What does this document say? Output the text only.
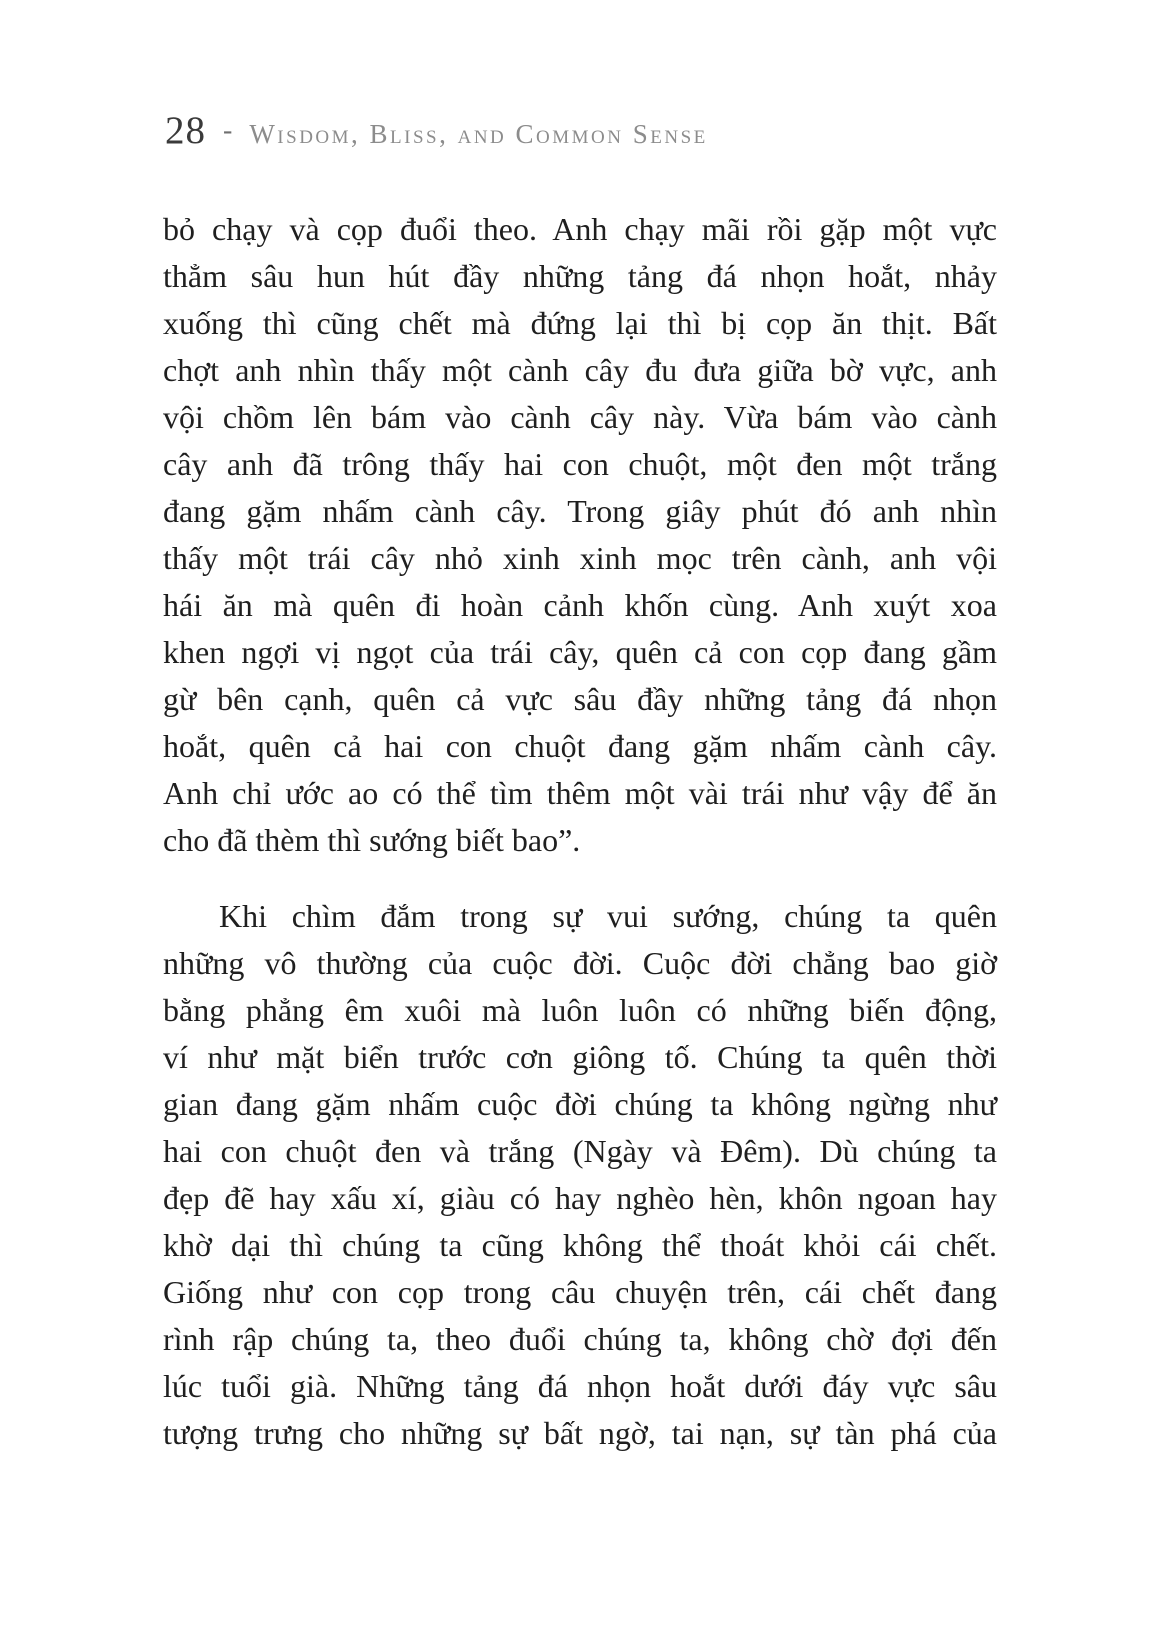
28 - Wisdom, Bliss, and Common Sense
bỏ chạy và cọp đuổi theo. Anh chạy mãi rồi gặp một vực
thẳm sâu hun hút đầy những tảng đá nhọn hoắt, nhảy
xuống thì cũng chết mà đứng lại thì bị cọp ăn thịt. Bất
chợt anh nhìn thấy một cành cây đu đưa giữa bờ vực, anh
vội chồm lên bám vào cành cây này. Vừa bám vào cành
cây anh đã trông thấy hai con chuột, một đen một trắng
đang gặm nhấm cành cây. Trong giây phút đó anh nhìn
thấy một trái cây nhỏ xinh xinh mọc trên cành, anh vội
hái ăn mà quên đi hoàn cảnh khốn cùng. Anh xuýt xoa
khen ngợi vị ngọt của trái cây, quên cả con cọp đang gầm
gừ bên cạnh, quên cả vực sâu đầy những tảng đá nhọn
hoắt, quên cả hai con chuột đang gặm nhấm cành cây.
Anh chỉ ước ao có thể tìm thêm một vài trái như vậy để ăn
cho đã thèm thì sướng biết bao”.
Khi chìm đắm trong sự vui sướng, chúng ta quên
những vô thường của cuộc đời. Cuộc đời chẳng bao giờ
bằng phẳng êm xuôi mà luôn luôn có những biến động,
ví như mặt biển trước cơn giông tố. Chúng ta quên thời
gian đang gặm nhấm cuộc đời chúng ta không ngừng như
hai con chuột đen và trắng (Ngày và Đêm). Dù chúng ta
đẹp đẽ hay xấu xí, giàu có hay nghèo hèn, khôn ngoan hay
khờ dại thì chúng ta cũng không thể thoát khỏi cái chết.
Giống như con cọp trong câu chuyện trên, cái chết đang
rình rập chúng ta, theo đuổi chúng ta, không chờ đợi đến
lúc tuổi già. Những tảng đá nhọn hoắt dưới đáy vực sâu
tượng trưng cho những sự bất ngờ, tai nạn, sự tàn phá của
